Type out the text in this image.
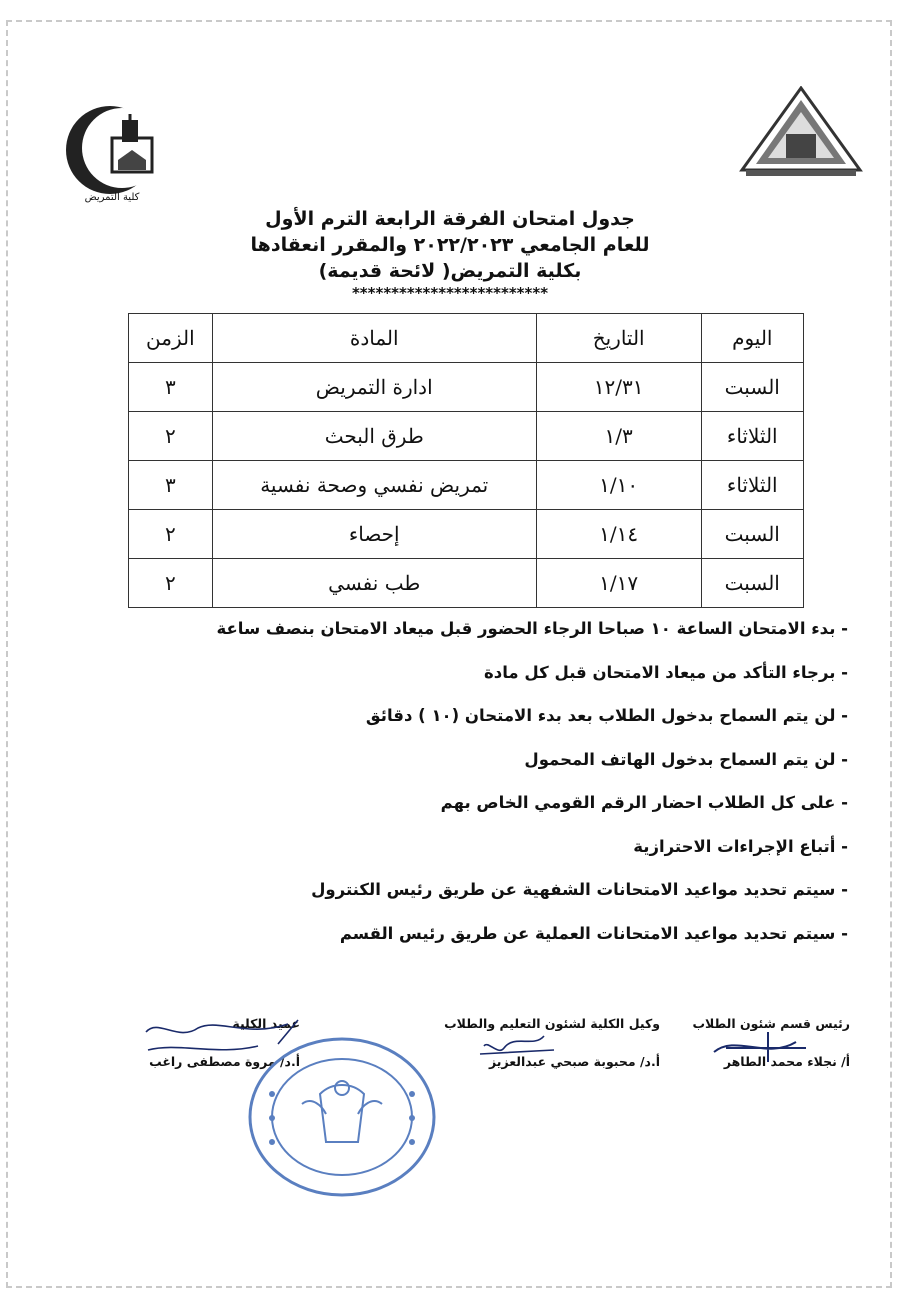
كلية التمريض
جدول امتحان الفرقة الرابعة الترم الأول
للعام الجامعي ٢٠٢٢/٢٠٢٣ والمقرر انعقادها
بكلية التمريض( لائحة قديمة)
*************************
اليوم	التاريخ	المادة	الزمن
السبت	١٢/٣١	ادارة التمريض	٣
الثلاثاء	١/٣	طرق البحث	٢
الثلاثاء	١/١٠	تمريض نفسي وصحة نفسية	٣
السبت	١/١٤	إحصاء	٢
السبت	١/١٧	طب نفسي	٢
- بدء الامتحان الساعة ١٠ صباحا الرجاء الحضور قبل ميعاد الامتحان بنصف ساعة
- برجاء التأكد من ميعاد الامتحان قبل كل مادة
- لن يتم السماح بدخول الطلاب بعد بدء الامتحان (١٠ ) دقائق
- لن يتم السماح بدخول الهاتف المحمول
- على كل الطلاب احضار الرقم القومي الخاص بهم
- أتباع الإجراءات الاحترازية
- سيتم تحديد مواعيد الامتحانات الشفهية عن طريق رئيس الكنترول
- سيتم تحديد مواعيد الامتحانات العملية عن طريق رئيس القسم
رئيس قسم شئون الطلاب
أ/ نجلاء محمد الطاهر
وكيل الكلية لشئون التعليم والطلاب
أ.د/ محبوبة صبحي عبدالعزيز
عميد الكلية
أ.د/ مروة مصطفى راغب
